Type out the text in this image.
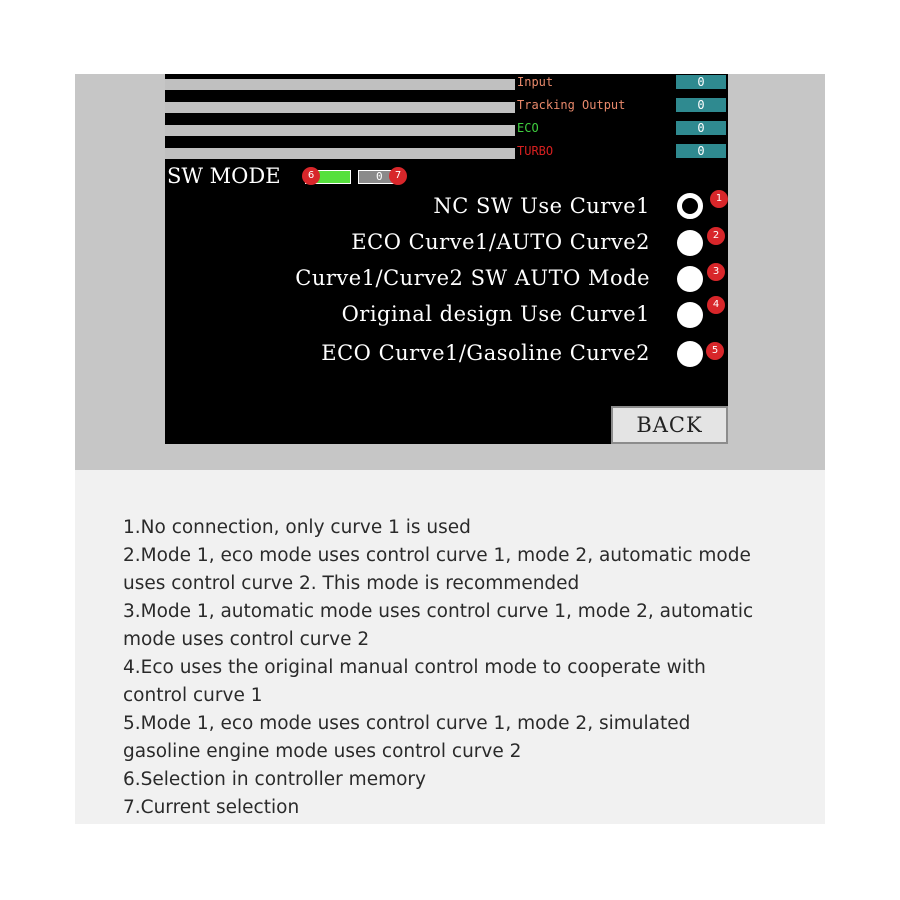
Input	0
Tracking Output	0
ECO	0
TURBO	0
SW MODE	6	0	7
NC SW Use Curve1	1
ECO Curve1/AUTO Curve2	2
Curve1/Curve2 SW AUTO Mode	3
Original design Use Curve1	4
ECO Curve1/Gasoline Curve2	5
BACK
1.No connection, only curve 1 is used
2.Mode 1, eco mode uses control curve 1, mode 2, automatic mode
uses control curve 2. This mode is recommended
3.Mode 1, automatic mode uses control curve 1, mode 2, automatic
mode uses control curve 2
4.Eco uses the original manual control mode to cooperate with
control curve 1
5.Mode 1, eco mode uses control curve 1, mode 2, simulated
gasoline engine mode uses control curve 2
6.Selection in controller memory
7.Current selection
